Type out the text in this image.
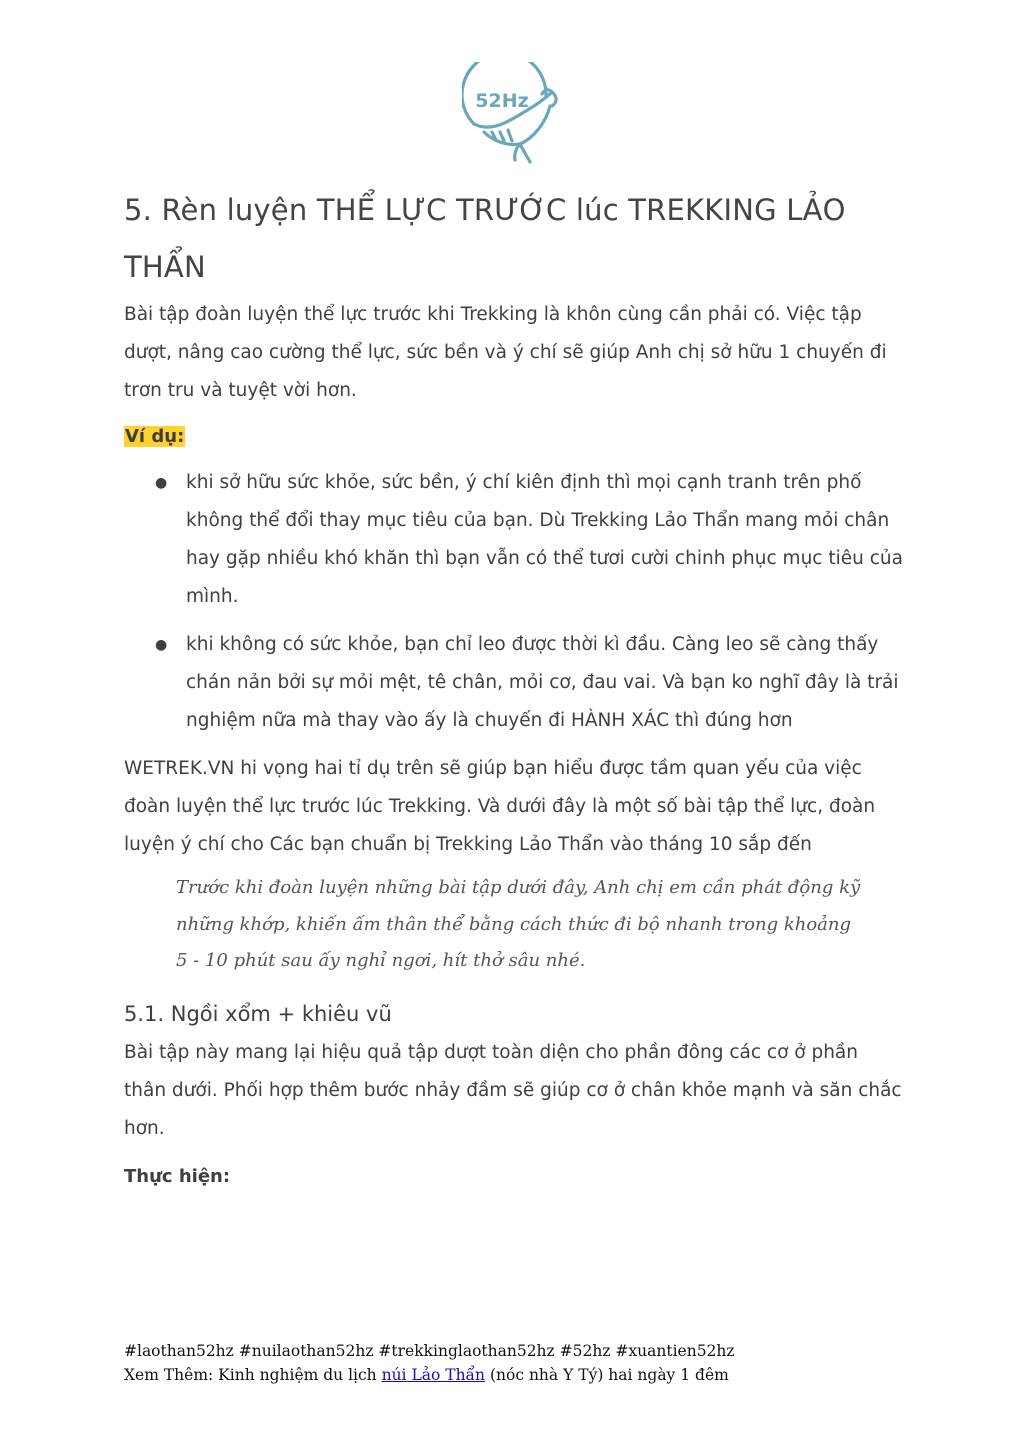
52Hz
5. Rèn luyện THỂ LỰC TRƯỚC lúc TREKKING LẢO THẨN

Bài tập đoàn luyện thể lực trước khi Trekking là khôn cùng cần phải có. Việc tập dượt, nâng cao cường thể lực, sức bền và ý chí sẽ giúp Anh chị sở hữu 1 chuyến đi trơn tru và tuyệt vời hơn.

Ví dụ:
● khi sở hữu sức khỏe, sức bền, ý chí kiên định thì mọi cạnh tranh trên phố không thể đổi thay mục tiêu của bạn. Dù Trekking Lảo Thẩn mang mỏi chân hay gặp nhiều khó khăn thì bạn vẫn có thể tươi cười chinh phục mục tiêu của mình.
● khi không có sức khỏe, bạn chỉ leo được thời kì đầu. Càng leo sẽ càng thấy chán nản bởi sự mỏi mệt, tê chân, mỏi cơ, đau vai. Và bạn ko nghĩ đây là trải nghiệm nữa mà thay vào ấy là chuyến đi HÀNH XÁC thì đúng hơn

WETREK.VN hi vọng hai tỉ dụ trên sẽ giúp bạn hiểu được tầm quan yếu của việc đoàn luyện thể lực trước lúc Trekking. Và dưới đây là một số bài tập thể lực, đoàn luyện ý chí cho Các bạn chuẩn bị Trekking Lảo Thẩn vào tháng 10 sắp đến

Trước khi đoàn luyện những bài tập dưới đây, Anh chị em cần phát động kỹ những khớp, khiến ấm thân thể bằng cách thức đi bộ nhanh trong khoảng 5 - 10 phút sau ấy nghỉ ngơi, hít thở sâu nhé.
5.1. Ngồi xổm + khiêu vũ

Bài tập này mang lại hiệu quả tập dượt toàn diện cho phần đông các cơ ở phần thân dưới. Phối hợp thêm bước nhảy đầm sẽ giúp cơ ở chân khỏe mạnh và săn chắc hơn.

Thực hiện:
#laothan52hz #nuilaothan52hz #trekkinglaothan52hz #52hz #xuantien52hz
Xem Thêm: Kinh nghiệm du lịch núi Lảo Thẩn (nóc nhà Y Tý) hai ngày 1 đêm
